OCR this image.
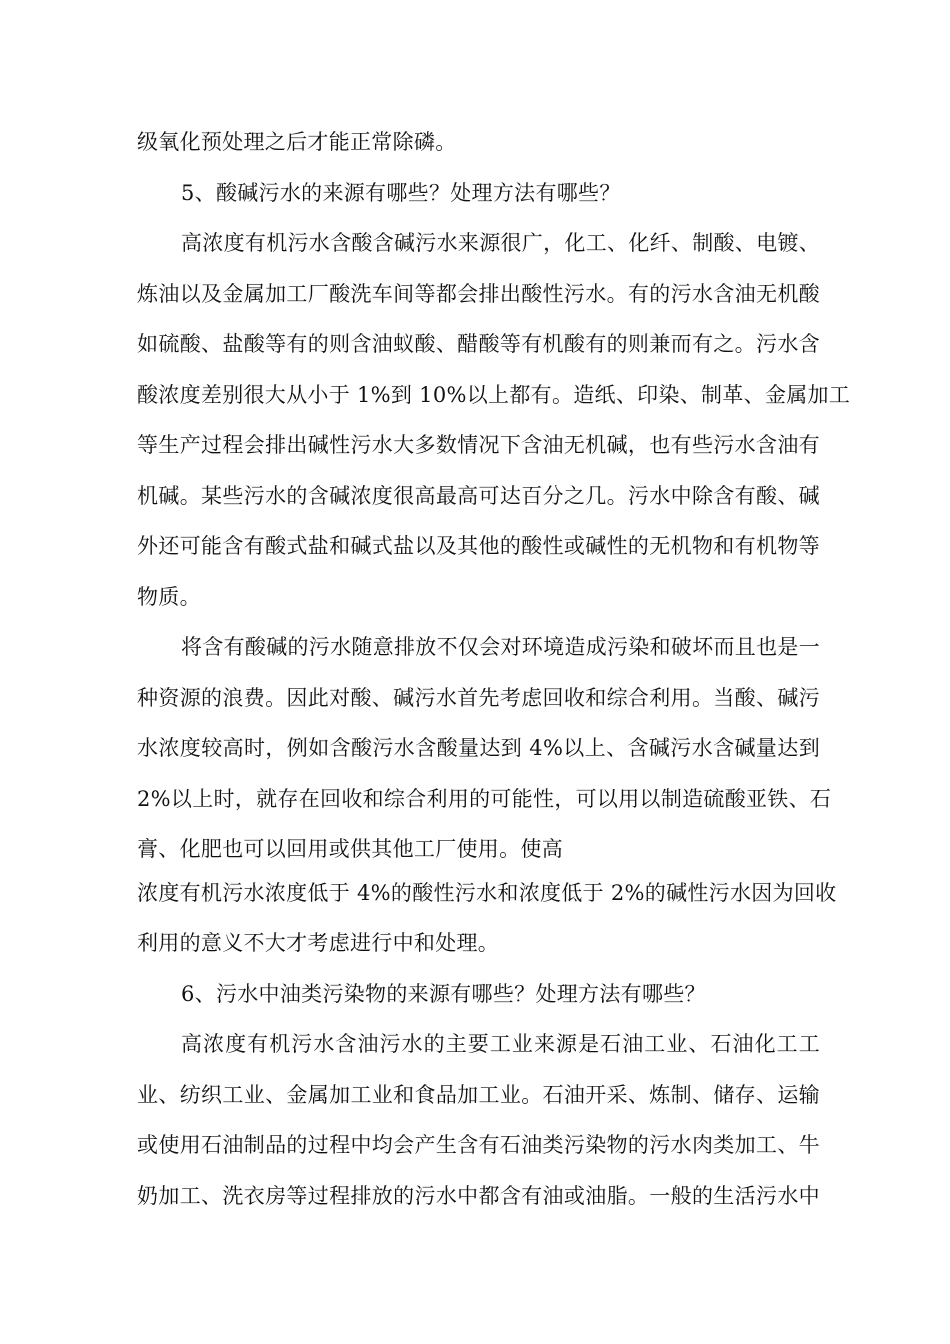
级氧化预处理之后才能正常除磷。
5、酸碱污水的来源有哪些？处理方法有哪些？
高浓度有机污水含酸含碱污水来源很广，化工、化纤、制酸、电镀、
炼油以及金属加工厂酸洗车间等都会排出酸性污水。有的污水含油无机酸
如硫酸、盐酸等有的则含油蚁酸、醋酸等有机酸有的则兼而有之。污水含
酸浓度差别很大从小于 1%到 10%以上都有。造纸、印染、制革、金属加工
等生产过程会排出碱性污水大多数情况下含油无机碱，也有些污水含油有
机碱。某些污水的含碱浓度很高最高可达百分之几。污水中除含有酸、碱
外还可能含有酸式盐和碱式盐以及其他的酸性或碱性的无机物和有机物等
物质。
将含有酸碱的污水随意排放不仅会对环境造成污染和破坏而且也是一
种资源的浪费。因此对酸、碱污水首先考虑回收和综合利用。当酸、碱污
水浓度较高时，例如含酸污水含酸量达到 4%以上、含碱污水含碱量达到
2%以上时，就存在回收和综合利用的可能性，可以用以制造硫酸亚铁、石
膏、化肥也可以回用或供其他工厂使用。使高
浓度有机污水浓度低于 4%的酸性污水和浓度低于 2%的碱性污水因为回收
利用的意义不大才考虑进行中和处理。
6、污水中油类污染物的来源有哪些？处理方法有哪些？
高浓度有机污水含油污水的主要工业来源是石油工业、石油化工工
业、纺织工业、金属加工业和食品加工业。石油开采、炼制、储存、运输
或使用石油制品的过程中均会产生含有石油类污染物的污水肉类加工、牛
奶加工、洗衣房等过程排放的污水中都含有油或油脂。一般的生活污水中
